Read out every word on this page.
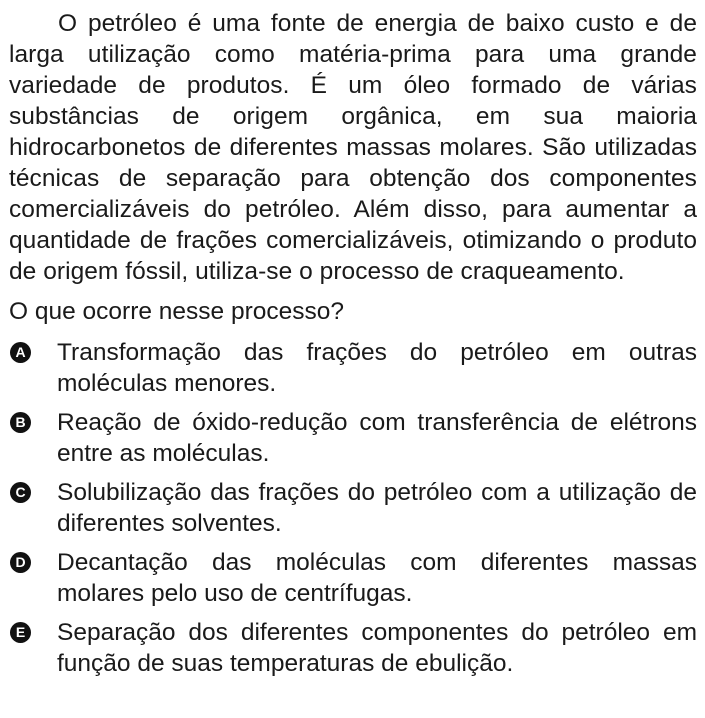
O petróleo é uma fonte de energia de baixo custo e de larga utilização como matéria-prima para uma grande variedade de produtos. É um óleo formado de várias substâncias de origem orgânica, em sua maioria hidrocarbonetos de diferentes massas molares. São utilizadas técnicas de separação para obtenção dos componentes comercializáveis do petróleo. Além disso, para aumentar a quantidade de frações comercializáveis, otimizando o produto de origem fóssil, utiliza-se o processo de craqueamento.

O que ocorre nesse processo?

A Transformação das frações do petróleo em outras moléculas menores.
B Reação de óxido-redução com transferência de elétrons entre as moléculas.
C Solubilização das frações do petróleo com a utilização de diferentes solventes.
D Decantação das moléculas com diferentes massas molares pelo uso de centrífugas.
E Separação dos diferentes componentes do petróleo em função de suas temperaturas de ebulição.
